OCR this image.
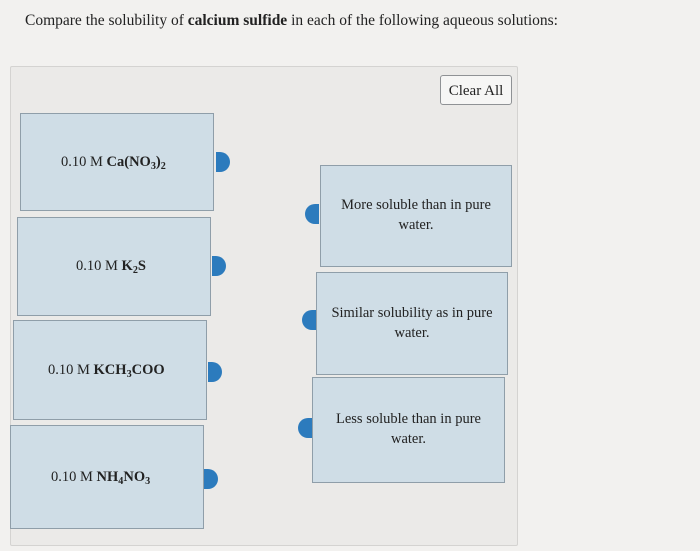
Compare the solubility of calcium sulfide in each of the following aqueous solutions:
Clear All
0.10 M $Ca(NO_3)_2$
0.10 M $K_2S$
0.10 M $KCH_3COO$
0.10 M $NH_4NO_3$
More soluble than in pure water.
Similar solubility as in pure water.
Less soluble than in pure water.
